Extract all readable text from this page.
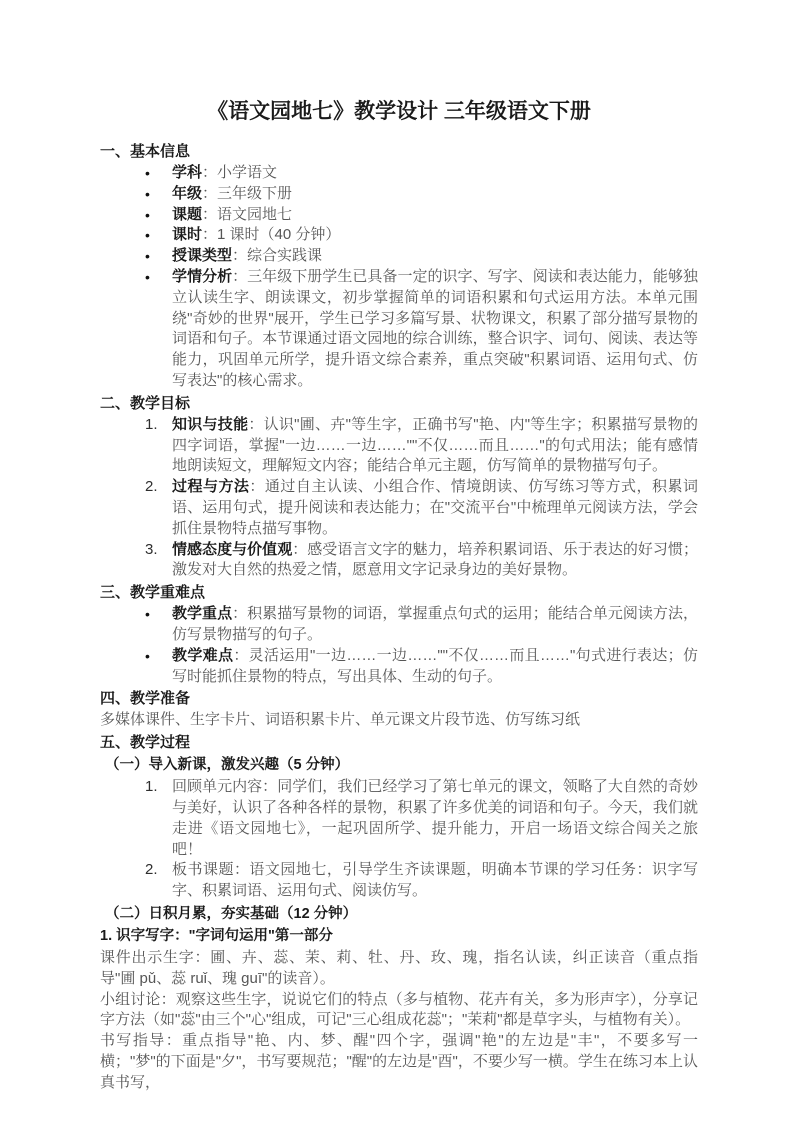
《语文园地七》教学设计 三年级语文下册
一、基本信息
•	学科：小学语文
•	年级：三年级下册
•	课题：语文园地七
•	课时：1 课时（40 分钟）
•	授课类型：综合实践课
•	学情分析：三年级下册学生已具备一定的识字、写字、阅读和表达能力，能够独立认读生字、朗读课文，初步掌握简单的词语积累和句式运用方法。本单元围绕"奇妙的世界"展开，学生已学习多篇写景、状物课文，积累了部分描写景物的词语和句子。本节课通过语文园地的综合训练，整合识字、词句、阅读、表达等能力，巩固单元所学，提升语文综合素养，重点突破"积累词语、运用句式、仿写表达"的核心需求。
二、教学目标
1. 知识与技能：认识"圃、卉"等生字，正确书写"艳、内"等生字；积累描写景物的四字词语，掌握"一边……一边……""不仅……而且……"的句式用法；能有感情地朗读短文，理解短文内容；能结合单元主题，仿写简单的景物描写句子。
2. 过程与方法：通过自主认读、小组合作、情境朗读、仿写练习等方式，积累词语、运用句式，提升阅读和表达能力；在"交流平台"中梳理单元阅读方法，学会抓住景物特点描写事物。
3. 情感态度与价值观：感受语言文字的魅力，培养积累词语、乐于表达的好习惯；激发对大自然的热爱之情，愿意用文字记录身边的美好景物。
三、教学重难点
•	教学重点：积累描写景物的词语，掌握重点句式的运用；能结合单元阅读方法，仿写景物描写的句子。
•	教学难点：灵活运用"一边……一边……""不仅……而且……"句式进行表达；仿写时能抓住景物的特点，写出具体、生动的句子。
四、教学准备

多媒体课件、生字卡片、词语积累卡片、单元课文片段节选、仿写练习纸

五、教学过程
（一）导入新课，激发兴趣（5 分钟）
1. 回顾单元内容：同学们，我们已经学习了第七单元的课文，领略了大自然的奇妙与美好，认识了各种各样的景物，积累了许多优美的词语和句子。今天，我们就走进《语文园地七》，一起巩固所学、提升能力，开启一场语文综合闯关之旅吧！
2. 板书课题：语文园地七，引导学生齐读课题，明确本节课的学习任务：识字写字、积累词语、运用句式、阅读仿写。
（二）日积月累，夯实基础（12 分钟）
1. 识字写字："字词句运用"第一部分

课件出示生字：圃、卉、蕊、茉、莉、牡、丹、玫、瑰，指名认读，纠正读音（重点指导"圃 pǔ、蕊 ruǐ、瑰 guī"的读音）。

小组讨论：观察这些生字，说说它们的特点（多与植物、花卉有关，多为形声字），分享记字方法（如"蕊"由三个"心"组成，可记"三心组成花蕊"；"茉莉"都是草字头，与植物有关）。

书写指导：重点指导"艳、内、梦、醒"四个字，强调"艳"的左边是"丰"，不要多写一横；"梦"的下面是"夕"，书写要规范；"醒"的左边是"酉"，不要少写一横。学生在练习本上认真书写，
